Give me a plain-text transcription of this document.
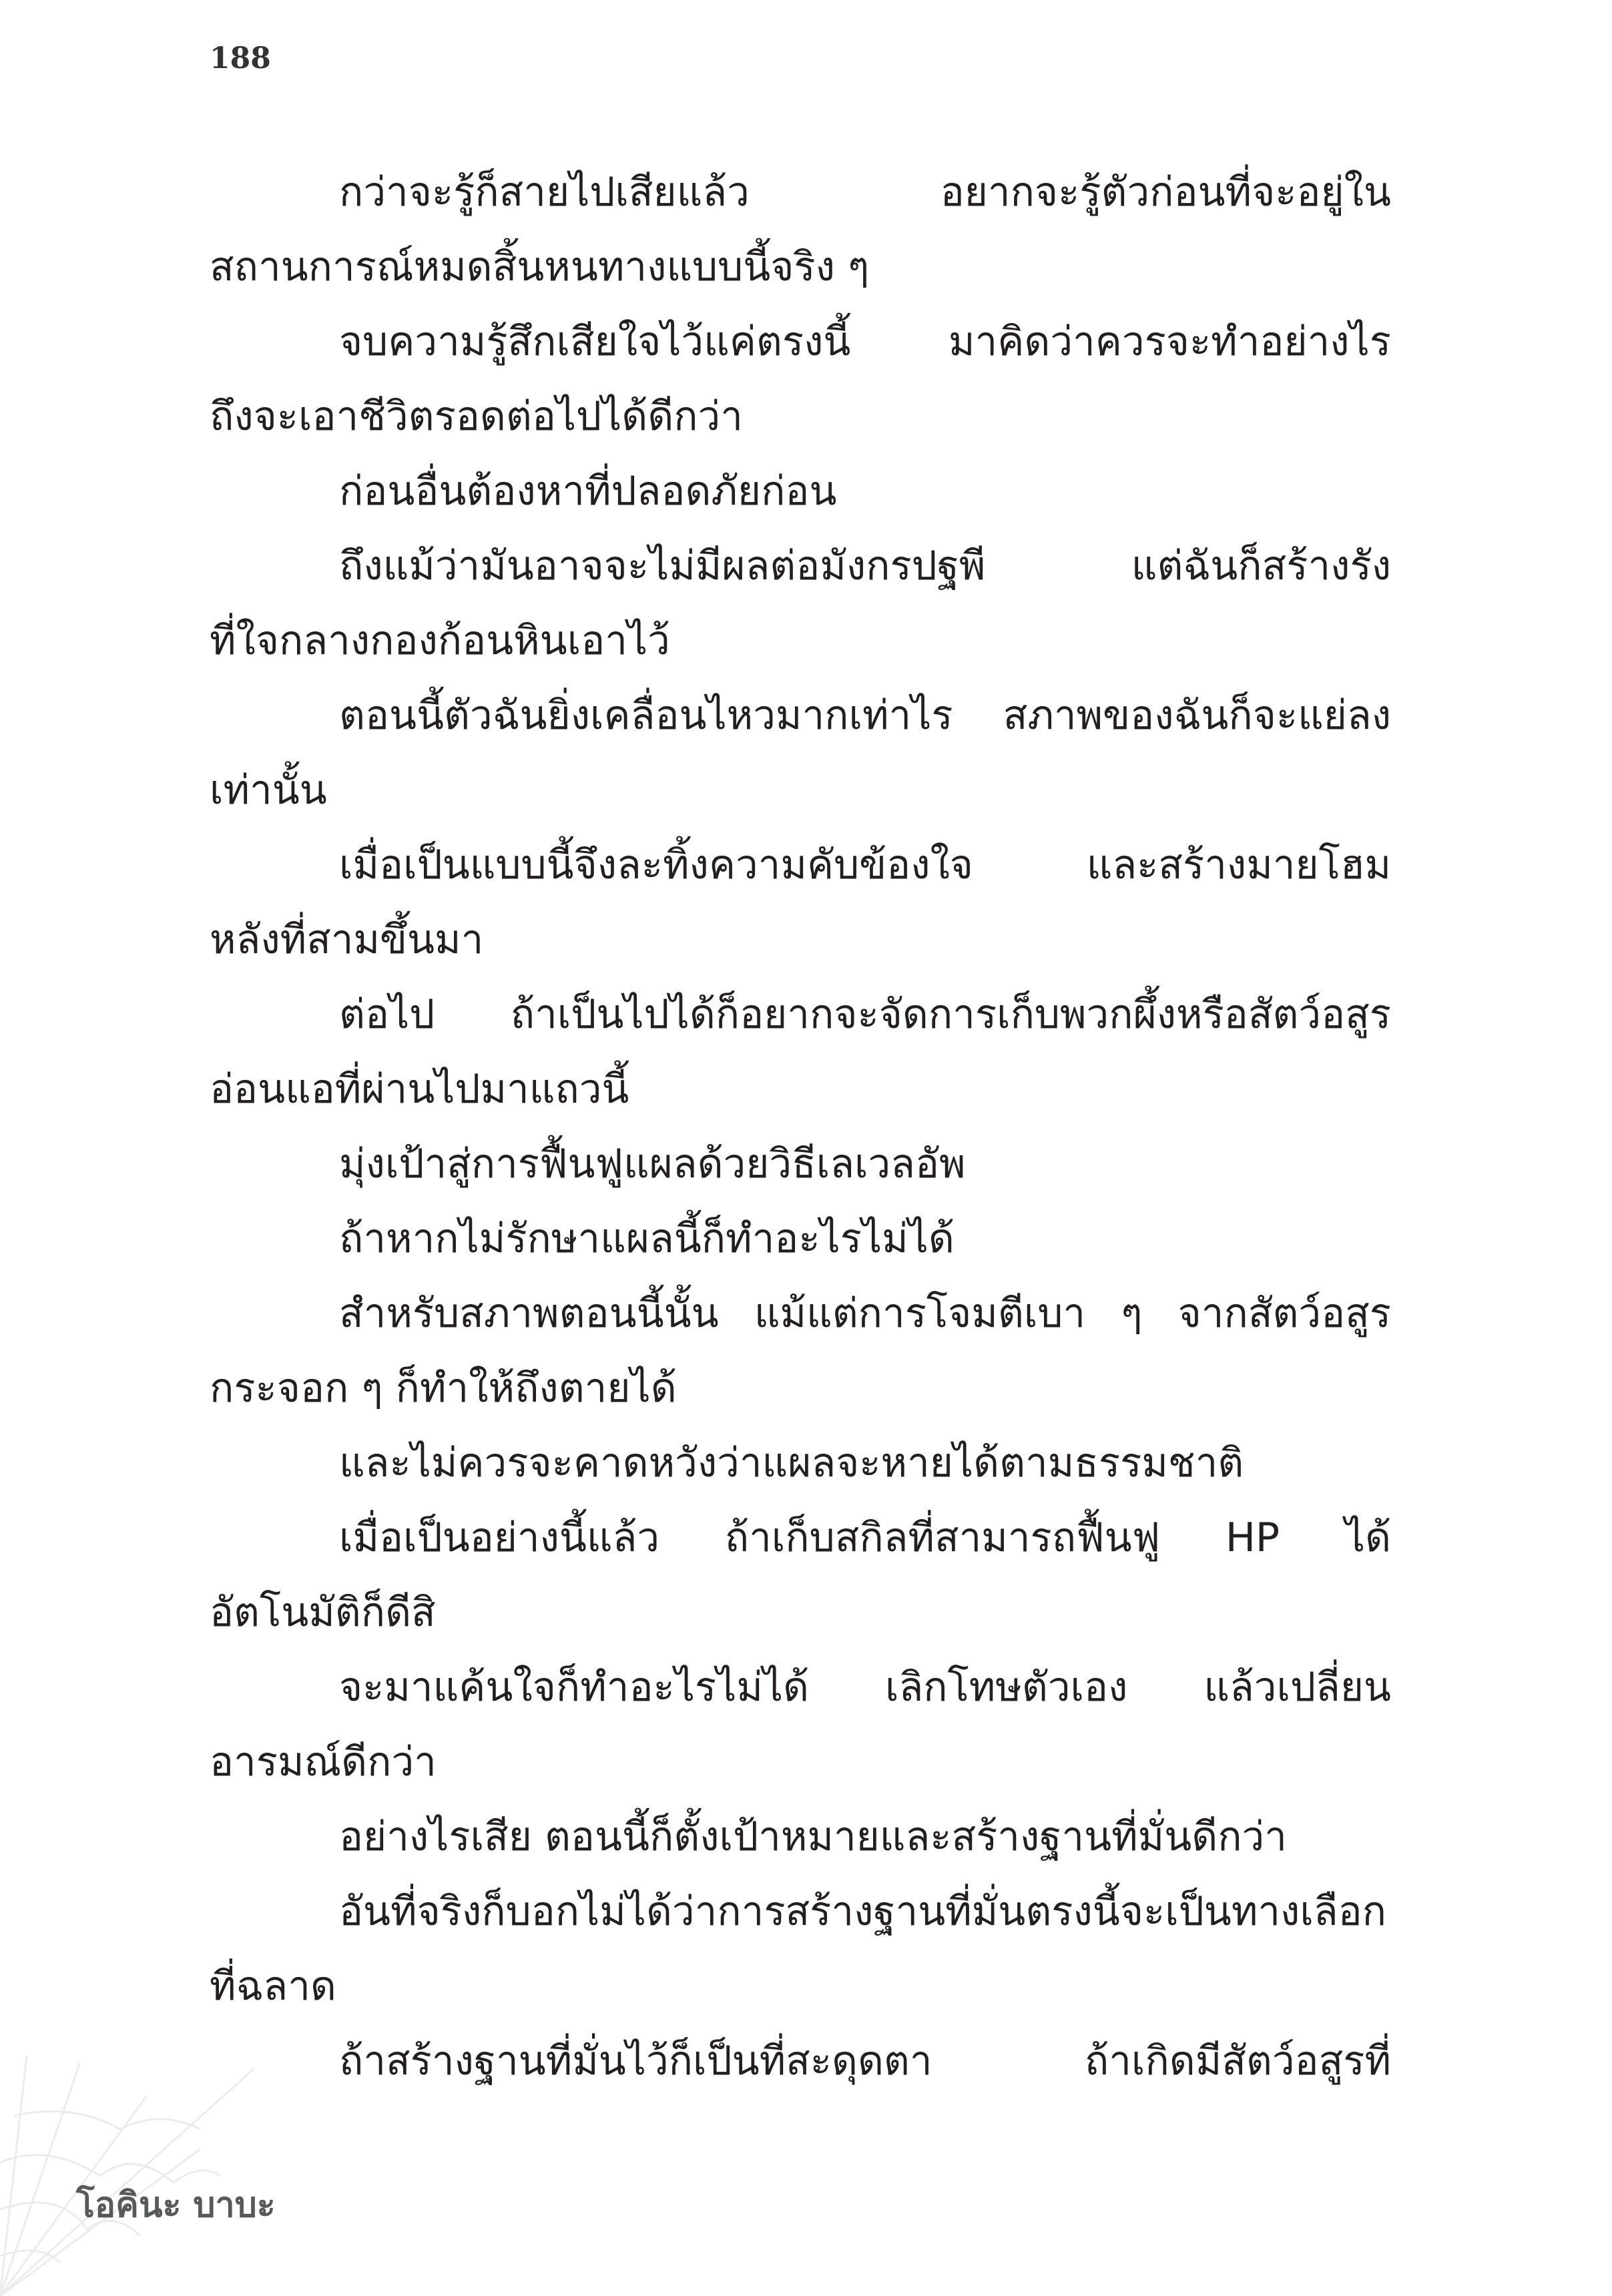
188
กว่าจะรู้ก็สายไปเสียแล้ว อยากจะรู้ตัวก่อนที่จะอยู่ใน
สถานการณ์หมดสิ้นหนทางแบบนี้จริง ๆ
จบความรู้สึกเสียใจไว้แค่ตรงนี้ มาคิดว่าควรจะทำอย่างไร
ถึงจะเอาชีวิตรอดต่อไปได้ดีกว่า
ก่อนอื่นต้องหาที่ปลอดภัยก่อน
ถึงแม้ว่ามันอาจจะไม่มีผลต่อมังกรปฐพี แต่ฉันก็สร้างรัง
ที่ใจกลางกองก้อนหินเอาไว้
ตอนนี้ตัวฉันยิ่งเคลื่อนไหวมากเท่าไร สภาพของฉันก็จะแย่ลง
เท่านั้น
เมื่อเป็นแบบนี้จึงละทิ้งความคับข้องใจ และสร้างมายโฮม
หลังที่สามขึ้นมา
ต่อไป ถ้าเป็นไปได้ก็อยากจะจัดการเก็บพวกผึ้งหรือสัตว์อสูร
อ่อนแอที่ผ่านไปมาแถวนี้
มุ่งเป้าสู่การฟื้นฟูแผลด้วยวิธีเลเวลอัพ
ถ้าหากไม่รักษาแผลนี้ก็ทำอะไรไม่ได้
สำหรับสภาพตอนนี้นั้น แม้แต่การโจมตีเบา ๆ จากสัตว์อสูร
กระจอก ๆ ก็ทำให้ถึงตายได้
และไม่ควรจะคาดหวังว่าแผลจะหายได้ตามธรรมชาติ
เมื่อเป็นอย่างนี้แล้ว ถ้าเก็บสกิลที่สามารถฟื้นฟู HP ได้
อัตโนมัติก็ดีสิ
จะมาแค้นใจก็ทำอะไรไม่ได้ เลิกโทษตัวเอง แล้วเปลี่ยน
อารมณ์ดีกว่า
อย่างไรเสีย ตอนนี้ก็ตั้งเป้าหมายและสร้างฐานที่มั่นดีกว่า
อันที่จริงก็บอกไม่ได้ว่าการสร้างฐานที่มั่นตรงนี้จะเป็นทางเลือก
ที่ฉลาด
ถ้าสร้างฐานที่มั่นไว้ก็เป็นที่สะดุดตา ถ้าเกิดมีสัตว์อสูรที่
โอคินะ บาบะ
